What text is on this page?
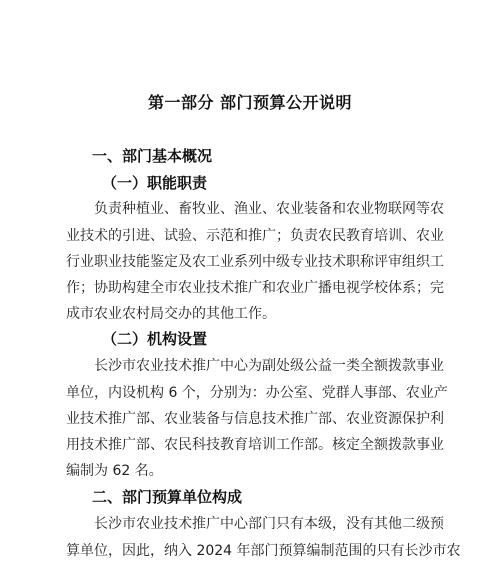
第一部分 部门预算公开说明
一、部门基本概况
（一）职能职责
负责种植业、畜牧业、渔业、农业装备和农业物联网等农
业技术的引进、试验、示范和推广；负责农民教育培训、农业
行业职业技能鉴定及农工业系列中级专业技术职称评审组织工
作；协助构建全市农业技术推广和农业广播电视学校体系；完
成市农业农村局交办的其他工作。
（二）机构设置
长沙市农业技术推广中心为副处级公益一类全额拨款事业
单位，内设机构 6 个，分别为：办公室、党群人事部、农业产
业技术推广部、农业装备与信息技术推广部、农业资源保护利
用技术推广部、农民科技教育培训工作部。核定全额拨款事业
编制为 62 名。
二、部门预算单位构成
长沙市农业技术推广中心部门只有本级，没有其他二级预
算单位，因此，纳入 2024 年部门预算编制范围的只有长沙市农
